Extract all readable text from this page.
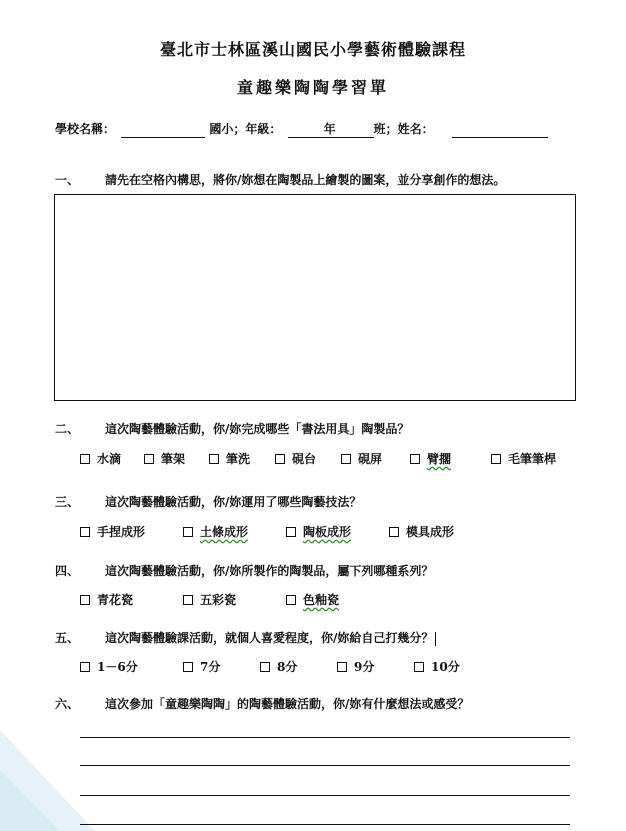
臺北市士林區溪山國民小學藝術體驗課程
童趣樂陶陶學習單
學校名稱：	國小；年級：	年	班；姓名：
一、 請先在空格內構思，將你/妳想在陶製品上繪製的圖案，並分享創作的想法。
二、 這次陶藝體驗活動，你/妳完成哪些「書法用具」陶製品？
水滴	筆架	筆洗	硯台	硯屏	臂擱	毛筆筆桿
三、 這次陶藝體驗活動，你/妳運用了哪些陶藝技法？
手捏成形	土條成形	陶板成形	模具成形
四、 這次陶藝體驗活動，你/妳所製作的陶製品，屬下列哪種系列？
青花瓷	五彩瓷	色釉瓷
五、 這次陶藝體驗課活動，就個人喜愛程度，你/妳給自己打幾分？
1－6分	7分	8分	9分	10分
六、 這次參加「童趣樂陶陶」的陶藝體驗活動，你/妳有什麼想法或感受？
